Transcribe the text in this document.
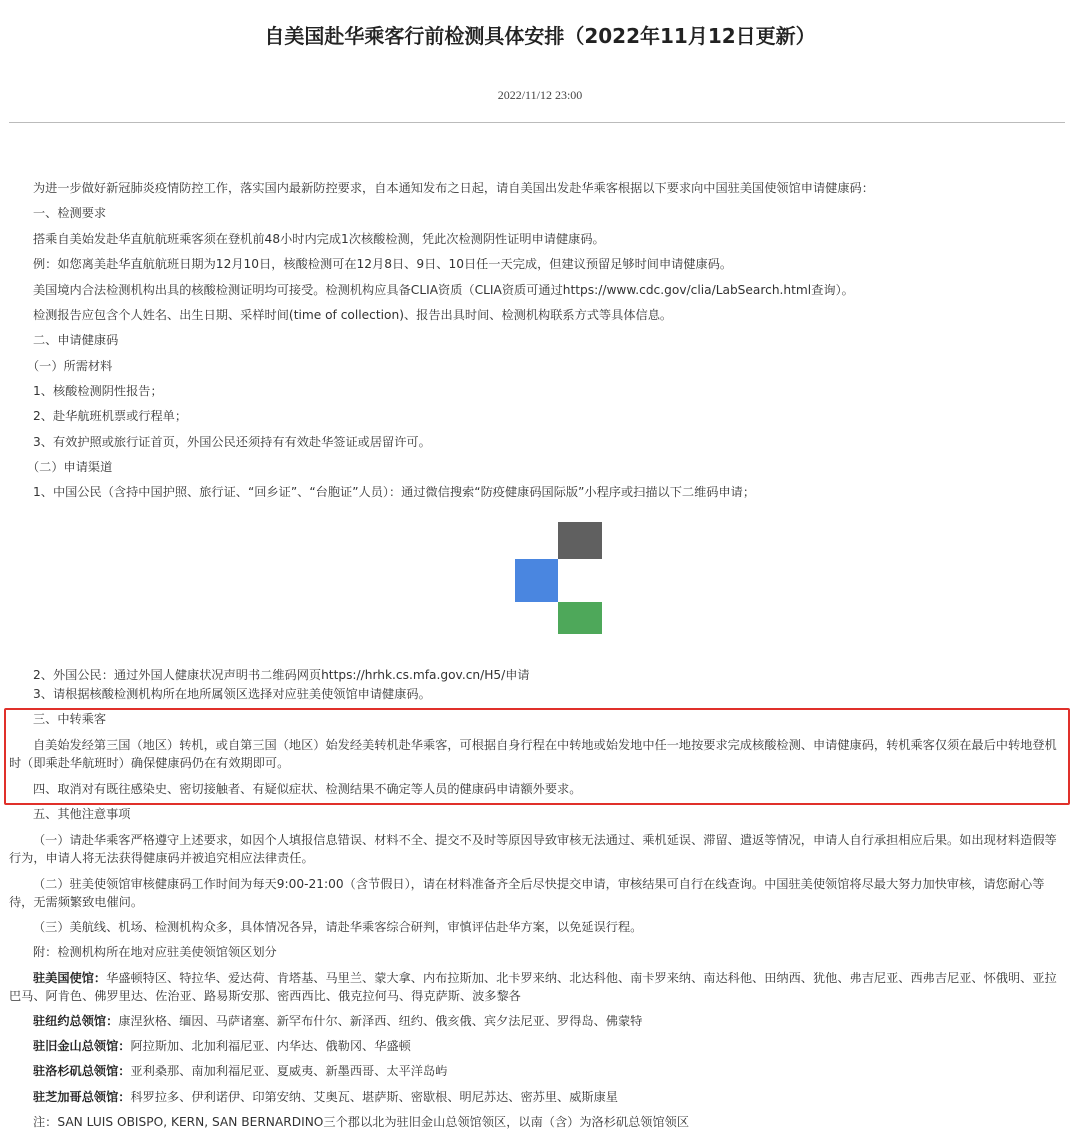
自美国赴华乘客行前检测具体安排（2022年11月12日更新）
2022/11/12 23:00
为进一步做好新冠肺炎疫情防控工作，落实国内最新防控要求，自本通知发布之日起，请自美国出发赴华乘客根据以下要求向中国驻美国使领馆申请健康码：
一、检测要求
搭乘自美始发赴华直航航班乘客须在登机前48小时内完成1次核酸检测，凭此次检测阴性证明申请健康码。
例：如您离美赴华直航航班日期为12月10日，核酸检测可在12月8日、9日、10日任一天完成，但建议预留足够时间申请健康码。
美国境内合法检测机构出具的核酸检测证明均可接受。检测机构应具备CLIA资质（CLIA资质可通过https://www.cdc.gov/clia/LabSearch.html查询）。
检测报告应包含个人姓名、出生日期、采样时间(time of collection)、报告出具时间、检测机构联系方式等具体信息。
二、申请健康码
（一）所需材料
1、核酸检测阴性报告；
2、赴华航班机票或行程单；
3、有效护照或旅行证首页，外国公民还须持有有效赴华签证或居留许可。
（二）申请渠道
1、中国公民（含持中国护照、旅行证、“回乡证”、“台胞证”人员）：通过微信搜索“防疫健康码国际版”小程序或扫描以下二维码申请；
2、外国公民：通过外国人健康状况声明书二维码网页https://hrhk.cs.mfa.gov.cn/H5/申请
3、请根据核酸检测机构所在地所属领区选择对应驻美使领馆申请健康码。
三、中转乘客
自美始发经第三国（地区）转机，或自第三国（地区）始发经美转机赴华乘客，可根据自身行程在中转地或始发地中任一地按要求完成核酸检测、申请健康码，转机乘客仅须在最后中转地登机时（即乘赴华航班时）确保健康码仍在有效期即可。
四、取消对有既往感染史、密切接触者、有疑似症状、检测结果不确定等人员的健康码申请额外要求。
五、其他注意事项
（一）请赴华乘客严格遵守上述要求，如因个人填报信息错误、材料不全、提交不及时等原因导致审核无法通过、乘机延误、滞留、遣返等情况，申请人自行承担相应后果。如出现材料造假等行为，申请人将无法获得健康码并被追究相应法律责任。
（二）驻美使领馆审核健康码工作时间为每天9:00-21:00（含节假日），请在材料准备齐全后尽快提交申请，审核结果可自行在线查询。中国驻美使领馆将尽最大努力加快审核，请您耐心等待，无需频繁致电催问。
（三）美航线、机场、检测机构众多，具体情况各异，请赴华乘客综合研判，审慎评估赴华方案，以免延误行程。
附：检测机构所在地对应驻美使领馆领区划分
驻美国使馆：华盛顿特区、特拉华、爱达荷、肯塔基、马里兰、蒙大拿、内布拉斯加、北卡罗来纳、北达科他、南卡罗来纳、南达科他、田纳西、犹他、弗吉尼亚、西弗吉尼亚、怀俄明、亚拉巴马、阿肯色、佛罗里达、佐治亚、路易斯安那、密西西比、俄克拉何马、得克萨斯、波多黎各
驻纽约总领馆：康涅狄格、缅因、马萨诸塞、新罕布什尔、新泽西、纽约、俄亥俄、宾夕法尼亚、罗得岛、佛蒙特
驻旧金山总领馆：阿拉斯加、北加利福尼亚、内华达、俄勒冈、华盛顿
驻洛杉矶总领馆：亚利桑那、南加利福尼亚、夏威夷、新墨西哥、太平洋岛屿
驻芝加哥总领馆：科罗拉多、伊利诺伊、印第安纳、艾奥瓦、堪萨斯、密歇根、明尼苏达、密苏里、威斯康星
注：SAN LUIS OBISPO, KERN, SAN BERNARDINO三个郡以北为驻旧金山总领馆领区，以南（含）为洛杉矶总领馆领区
